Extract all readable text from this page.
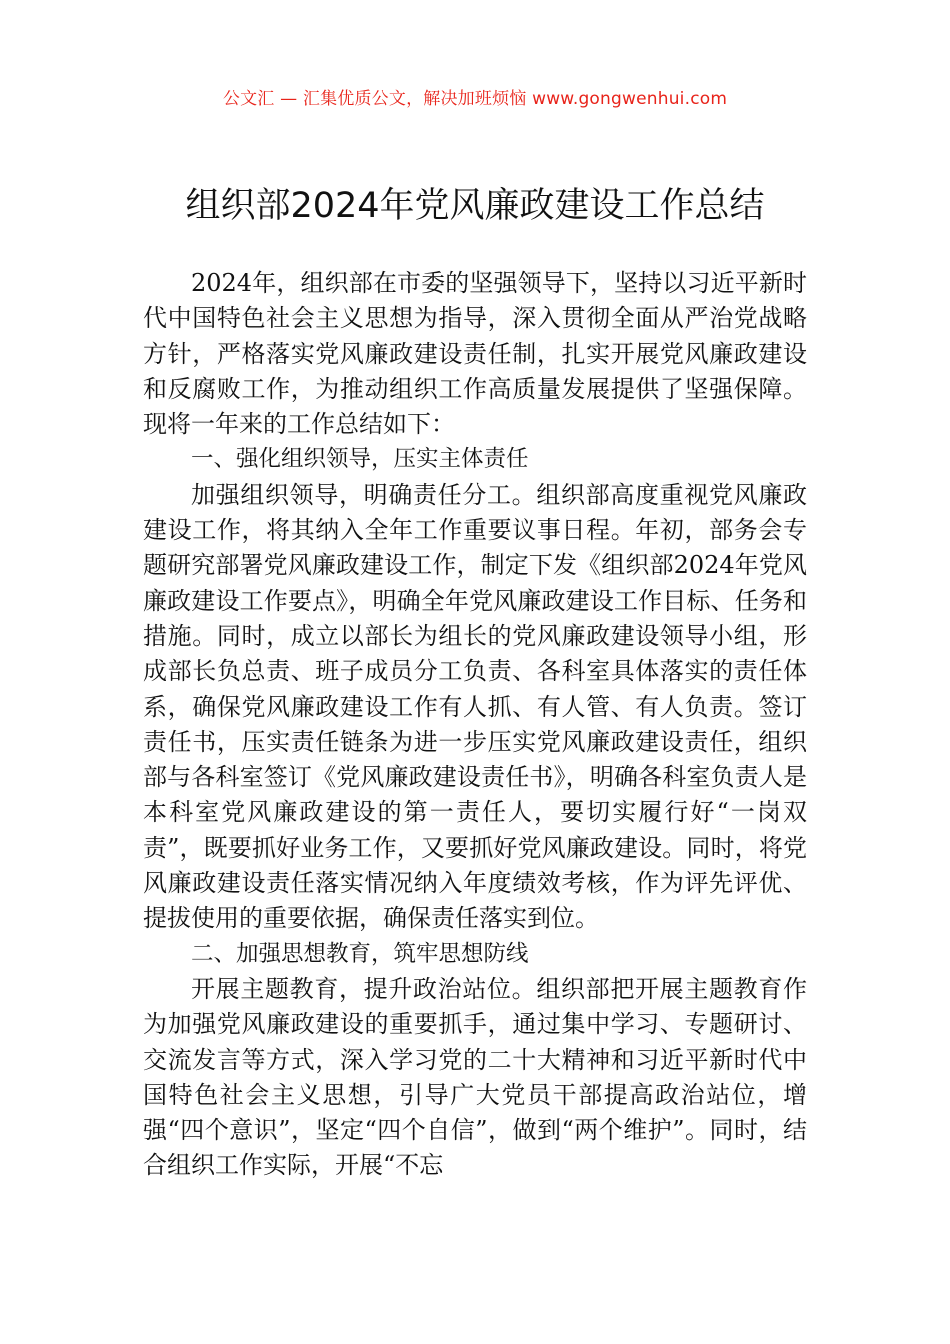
公文汇 — 汇集优质公文，解决加班烦恼 www.gongwenhui.com
组织部2024年党风廉政建设工作总结

2024年，组织部在市委的坚强领导下，坚持以习近平新时代中国特色社会主义思想为指导，深入贯彻全面从严治党战略方针，严格落实党风廉政建设责任制，扎实开展党风廉政建设和反腐败工作，为推动组织工作高质量发展提供了坚强保障。现将一年来的工作总结如下：

一、强化组织领导，压实主体责任

加强组织领导，明确责任分工。组织部高度重视党风廉政建设工作，将其纳入全年工作重要议事日程。年初，部务会专题研究部署党风廉政建设工作，制定下发《组织部2024年党风廉政建设工作要点》，明确全年党风廉政建设工作目标、任务和措施。同时，成立以部长为组长的党风廉政建设领导小组，形成部长负总责、班子成员分工负责、各科室具体落实的责任体系，确保党风廉政建设工作有人抓、有人管、有人负责。签订责任书，压实责任链条为进一步压实党风廉政建设责任，组织部与各科室签订《党风廉政建设责任书》，明确各科室负责人是本科室党风廉政建设的第一责任人，要切实履行好“一岗双责”，既要抓好业务工作，又要抓好党风廉政建设。同时，将党风廉政建设责任落实情况纳入年度绩效考核，作为评先评优、提拔使用的重要依据，确保责任落实到位。

二、加强思想教育，筑牢思想防线

开展主题教育，提升政治站位。组织部把开展主题教育作为加强党风廉政建设的重要抓手，通过集中学习、专题研讨、交流发言等方式，深入学习党的二十大精神和习近平新时代中国特色社会主义思想，引导广大党员干部提高政治站位，增强“四个意识”，坚定“四个自信”，做到“两个维护”。同时，结合组织工作实际，开展“不忘
